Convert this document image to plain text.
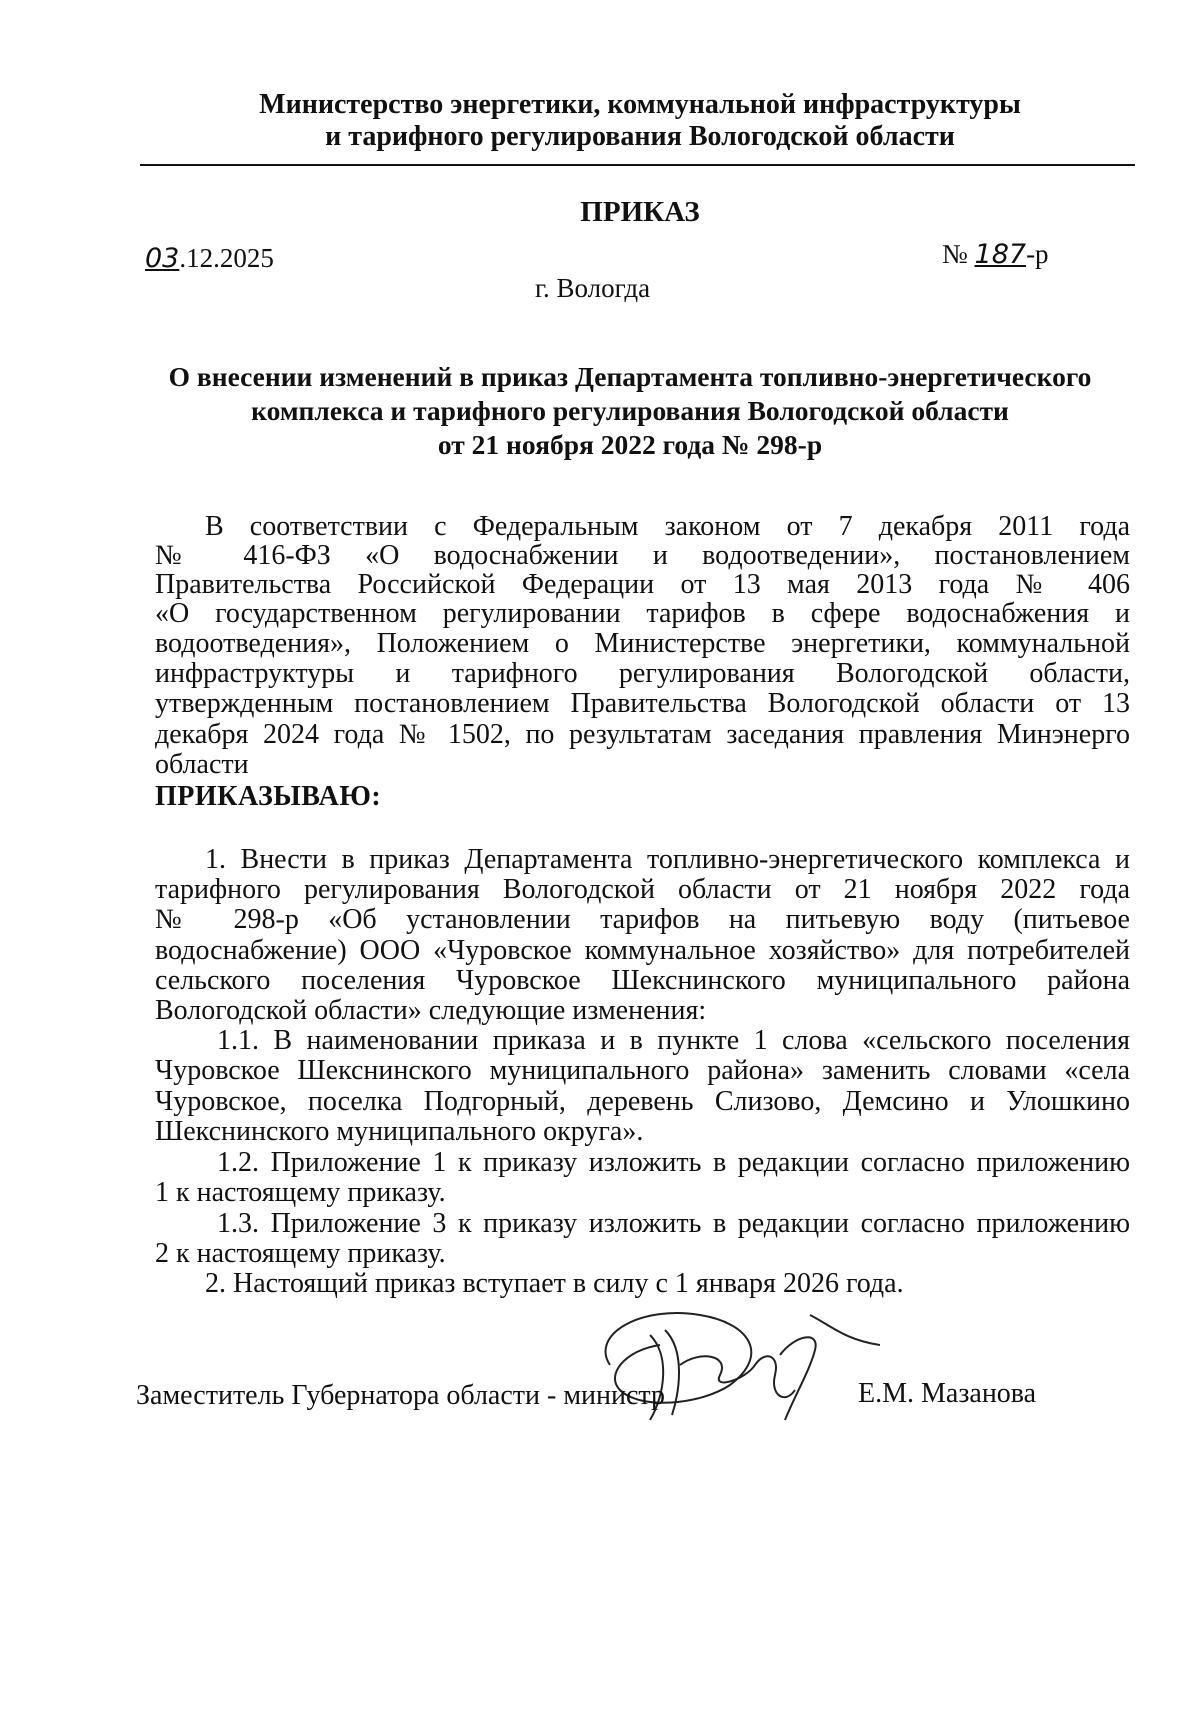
Министерство энергетики, коммунальной инфраструктуры

и тарифного регулирования Вологодской области

ПРИКАЗ

03.12.2025	№ 187-р

г. Вологда

О внесении изменений в приказ Департамента топливно-энергетического

комплекса и тарифного регулирования Вологодской области

от 21 ноября 2022 года № 298-р

В соответствии с Федеральным законом от 7 декабря 2011 года

№ 416-ФЗ «О водоснабжении и водоотведении», постановлением

Правительства Российской Федерации от 13 мая 2013 года № 406

«О государственном регулировании тарифов в сфере водоснабжения и

водоотведения», Положением о Министерстве энергетики, коммунальной

инфраструктуры и тарифного регулирования Вологодской области,

утвержденным постановлением Правительства Вологодской области от 13

декабря 2024 года № 1502, по результатам заседания правления Минэнерго

области

ПРИКАЗЫВАЮ:

1. Внести в приказ Департамента топливно-энергетического комплекса и

тарифного регулирования Вологодской области от 21 ноября 2022 года

№ 298-р «Об установлении тарифов на питьевую воду (питьевое

водоснабжение) ООО «Чуровское коммунальное хозяйство» для потребителей

сельского поселения Чуровское Шекснинского муниципального района

Вологодской области» следующие изменения:

1.1. В наименовании приказа и в пункте 1 слова «сельского поселения

Чуровское Шекснинского муниципального района» заменить словами «села

Чуровское, поселка Подгорный, деревень Слизово, Демсино и Улошкино

Шекснинского муниципального округа».

1.2. Приложение 1 к приказу изложить в редакции согласно приложению

1 к настоящему приказу.

1.3. Приложение 3 к приказу изложить в редакции согласно приложению

2 к настоящему приказу.

2. Настоящий приказ вступает в силу с 1 января 2026 года.

Заместитель Губернатора области - министр	Е.М. Мазанова
